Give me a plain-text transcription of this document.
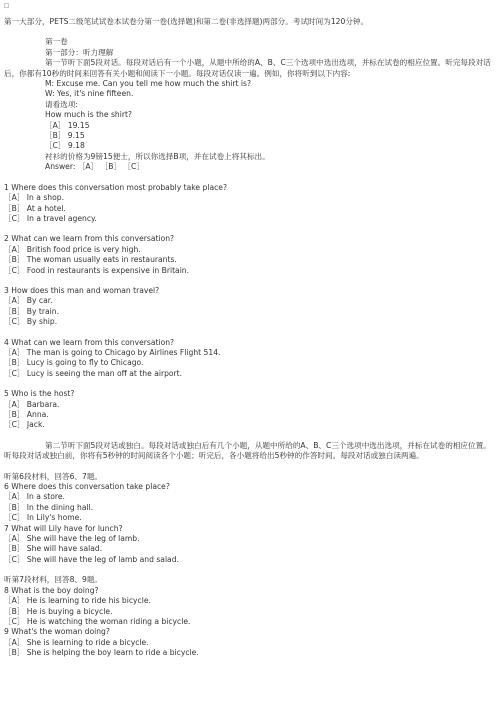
第一大部分，PETS二级笔试试卷本试卷分第一卷(选择题)和第二卷(非选择题)两部分。考试时间为120分钟。
第一卷
第一部分：听力理解
第一节听下面5段对话。每段对话后有一个小题，从题中所给的A、B、C三个选项中选出选项，并标在试卷的相应位置。听完每段对话后，你都有10秒的时间来回答有关小题和阅读下一小题。每段对话仅读一遍。例如，你将听到以下内容:
M: Excuse me. Can you tell me how much the shirt is?
W: Yes, it's nine fifteen.
请看选项:
How much is the shirt?
［A］ 19.15
［B］ 9.15
［C］ 9.18
衬衫的价格为9镑15便士，所以你选择B项，并在试卷上将其标出。
Answer: ［A］ ［B］ ［C］
1 Where does this conversation most probably take place?
［A］ In a shop.
［B］ At a hotel.
［C］ In a travel agency.
2 What can we learn from this conversation?
［A］ British food price is very high.
［B］ The woman usually eats in restaurants.
［C］ Food in restaurants is expensive in Britain.
3 How does this man and woman travel?
［A］ By car.
［B］ By train.
［C］ By ship.
4 What can we learn from this conversation?
［A］ The man is going to Chicago by Airlines Flight 514.
［B］ Lucy is going to fly to Chicago.
［C］ Lucy is seeing the man off at the airport.
5 Who is the host?
［A］ Barbara.
［B］ Anna.
［C］ Jack.
第二节听下面5段对话或独白。每段对话或独白后有几个小题，从题中所给的A、B、C三个选项中选出选项，并标在试卷的相应位置。听每段对话或独白前，你将有5秒钟的时间阅读各个小题；听完后，各小题将给出5秒钟的作答时间。每段对话或独白读两遍。
听第6段材料，回答6、7题。
6 Where does this conversation take place?
［A］ In a store.
［B］ In the dining hall.
［C］ In Lily's home.
7 What will Lily have for lunch?
［A］ She will have the leg of lamb.
［B］ She will have salad.
［C］ She will have the leg of lamb and salad.
听第7段材料，回答8、9题。
8 What is the boy doing?
［A］ He is learning to ride his bicycle.
［B］ He is buying a bicycle.
［C］ He is watching the woman riding a bicycle.
9 What's the woman doing?
［A］ She is learning to ride a bicycle.
［B］ She is helping the boy learn to ride a bicycle.
